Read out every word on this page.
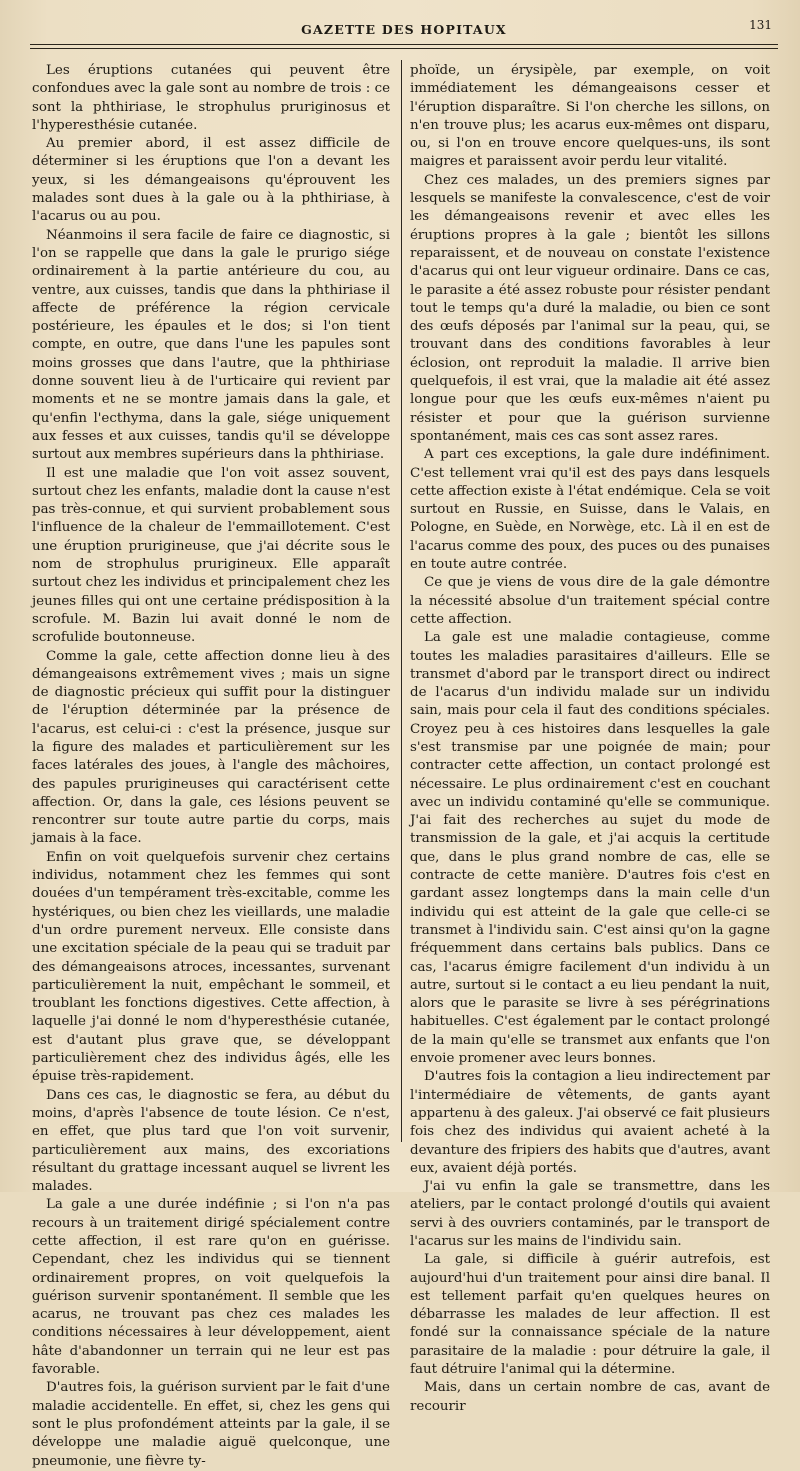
GAZETTE DES HOPITAUX	131

Les éruptions cutanées qui peuvent être confondues avec la gale sont au nombre de trois : ce sont la phthiriase, le strophulus pruriginosus et l'hyperesthésie cutanée.

Au premier abord, il est assez difficile de déterminer si les éruptions que l'on a devant les yeux, si les démangeaisons qu'éprouvent les malades sont dues à la gale ou à la phthiriase, à l'acarus ou au pou.

Néanmoins il sera facile de faire ce diagnostic, si l'on se rappelle que dans la gale le prurigo siége ordinairement à la partie antérieure du cou, au ventre, aux cuisses, tandis que dans la phthiriase il affecte de préférence la région cervicale postérieure, les épaules et le dos; si l'on tient compte, en outre, que dans l'une les papules sont moins grosses que dans l'autre, que la phthiriase donne souvent lieu à de l'urticaire qui revient par moments et ne se montre jamais dans la gale, et qu'enfin l'ecthyma, dans la gale, siége uniquement aux fesses et aux cuisses, tandis qu'il se développe surtout aux membres supérieurs dans la phthiriase.

Il est une maladie que l'on voit assez souvent, surtout chez les enfants, maladie dont la cause n'est pas très-connue, et qui survient probablement sous l'influence de la chaleur de l'emmaillotement. C'est une éruption prurigineuse, que j'ai décrite sous le nom de strophulus prurigineux. Elle apparaît surtout chez les individus et principalement chez les jeunes filles qui ont une certaine prédisposition à la scrofule. M. Bazin lui avait donné le nom de scrofulide boutonneuse.

Comme la gale, cette affection donne lieu à des démangeaisons extrêmement vives ; mais un signe de diagnostic précieux qui suffit pour la distinguer de l'éruption déterminée par la présence de l'acarus, est celui-ci : c'est la présence, jusque sur la figure des malades et particulièrement sur les faces latérales des joues, à l'angle des mâchoires, des papules prurigineuses qui caractérisent cette affection. Or, dans la gale, ces lésions peuvent se rencontrer sur toute autre partie du corps, mais jamais à la face.

Enfin on voit quelquefois survenir chez certains individus, notamment chez les femmes qui sont douées d'un tempérament très-excitable, comme les hystériques, ou bien chez les vieillards, une maladie d'un ordre purement nerveux. Elle consiste dans une excitation spéciale de la peau qui se traduit par des démangeaisons atroces, incessantes, survenant particulièrement la nuit, empêchant le sommeil, et troublant les fonctions digestives. Cette affection, à laquelle j'ai donné le nom d'hyperesthésie cutanée, est d'autant plus grave que, se développant particulièrement chez des individus âgés, elle les épuise très-rapidement.

Dans ces cas, le diagnostic se fera, au début du moins, d'après l'absence de toute lésion. Ce n'est, en effet, que plus tard que l'on voit survenir, particulièrement aux mains, des excoriations résultant du grattage incessant auquel se livrent les malades.

La gale a une durée indéfinie ; si l'on n'a pas recours à un traitement dirigé spécialement contre cette affection, il est rare qu'on en guérisse. Cependant, chez les individus qui se tiennent ordinairement propres, on voit quelquefois la guérison survenir spontanément. Il semble que les acarus, ne trouvant pas chez ces malades les conditions nécessaires à leur développement, aient hâte d'abandonner un terrain qui ne leur est pas favorable.

D'autres fois, la guérison survient par le fait d'une maladie accidentelle. En effet, si, chez les gens qui sont le plus profondément atteints par la gale, il se développe une maladie aiguë quelconque, une pneumonie, une fièvre ty-

phoïde, un érysipèle, par exemple, on voit immédiatement les démangeaisons cesser et l'éruption disparaître. Si l'on cherche les sillons, on n'en trouve plus; les acarus eux-mêmes ont disparu, ou, si l'on en trouve encore quelques-uns, ils sont maigres et paraissent avoir perdu leur vitalité.

Chez ces malades, un des premiers signes par lesquels se manifeste la convalescence, c'est de voir les démangeaisons revenir et avec elles les éruptions propres à la gale ; bientôt les sillons reparaissent, et de nouveau on constate l'existence d'acarus qui ont leur vigueur ordinaire. Dans ce cas, le parasite a été assez robuste pour résister pendant tout le temps qu'a duré la maladie, ou bien ce sont des œufs déposés par l'animal sur la peau, qui, se trouvant dans des conditions favorables à leur éclosion, ont reproduit la maladie. Il arrive bien quelquefois, il est vrai, que la maladie ait été assez longue pour que les œufs eux-mêmes n'aient pu résister et pour que la guérison survienne spontanément, mais ces cas sont assez rares.

A part ces exceptions, la gale dure indéfiniment. C'est tellement vrai qu'il est des pays dans lesquels cette affection existe à l'état endémique. Cela se voit surtout en Russie, en Suisse, dans le Valais, en Pologne, en Suède, en Norwège, etc. Là il en est de l'acarus comme des poux, des puces ou des punaises en toute autre contrée.

Ce que je viens de vous dire de la gale démontre la nécessité absolue d'un traitement spécial contre cette affection.

La gale est une maladie contagieuse, comme toutes les maladies parasitaires d'ailleurs. Elle se transmet d'abord par le transport direct ou indirect de l'acarus d'un individu malade sur un individu sain, mais pour cela il faut des conditions spéciales. Croyez peu à ces histoires dans lesquelles la gale s'est transmise par une poignée de main; pour contracter cette affection, un contact prolongé est nécessaire. Le plus ordinairement c'est en couchant avec un individu contaminé qu'elle se communique. J'ai fait des recherches au sujet du mode de transmission de la gale, et j'ai acquis la certitude que, dans le plus grand nombre de cas, elle se contracte de cette manière. D'autres fois c'est en gardant assez longtemps dans la main celle d'un individu qui est atteint de la gale que celle-ci se transmet à l'individu sain. C'est ainsi qu'on la gagne fréquemment dans certains bals publics. Dans ce cas, l'acarus émigre facilement d'un individu à un autre, surtout si le contact a eu lieu pendant la nuit, alors que le parasite se livre à ses pérégrinations habituelles. C'est également par le contact prolongé de la main qu'elle se transmet aux enfants que l'on envoie promener avec leurs bonnes.

D'autres fois la contagion a lieu indirectement par l'intermédiaire de vêtements, de gants ayant appartenu à des galeux. J'ai observé ce fait plusieurs fois chez des individus qui avaient acheté à la devanture des fripiers des habits que d'autres, avant eux, avaient déjà portés.

J'ai vu enfin la gale se transmettre, dans les ateliers, par le contact prolongé d'outils qui avaient servi à des ouvriers contaminés, par le transport de l'acarus sur les mains de l'individu sain.

La gale, si difficile à guérir autrefois, est aujourd'hui d'un traitement pour ainsi dire banal. Il est tellement parfait qu'en quelques heures on débarrasse les malades de leur affection. Il est fondé sur la connaissance spéciale de la nature parasitaire de la maladie : pour détruire la gale, il faut détruire l'animal qui la détermine.

Mais, dans un certain nombre de cas, avant de recourir
